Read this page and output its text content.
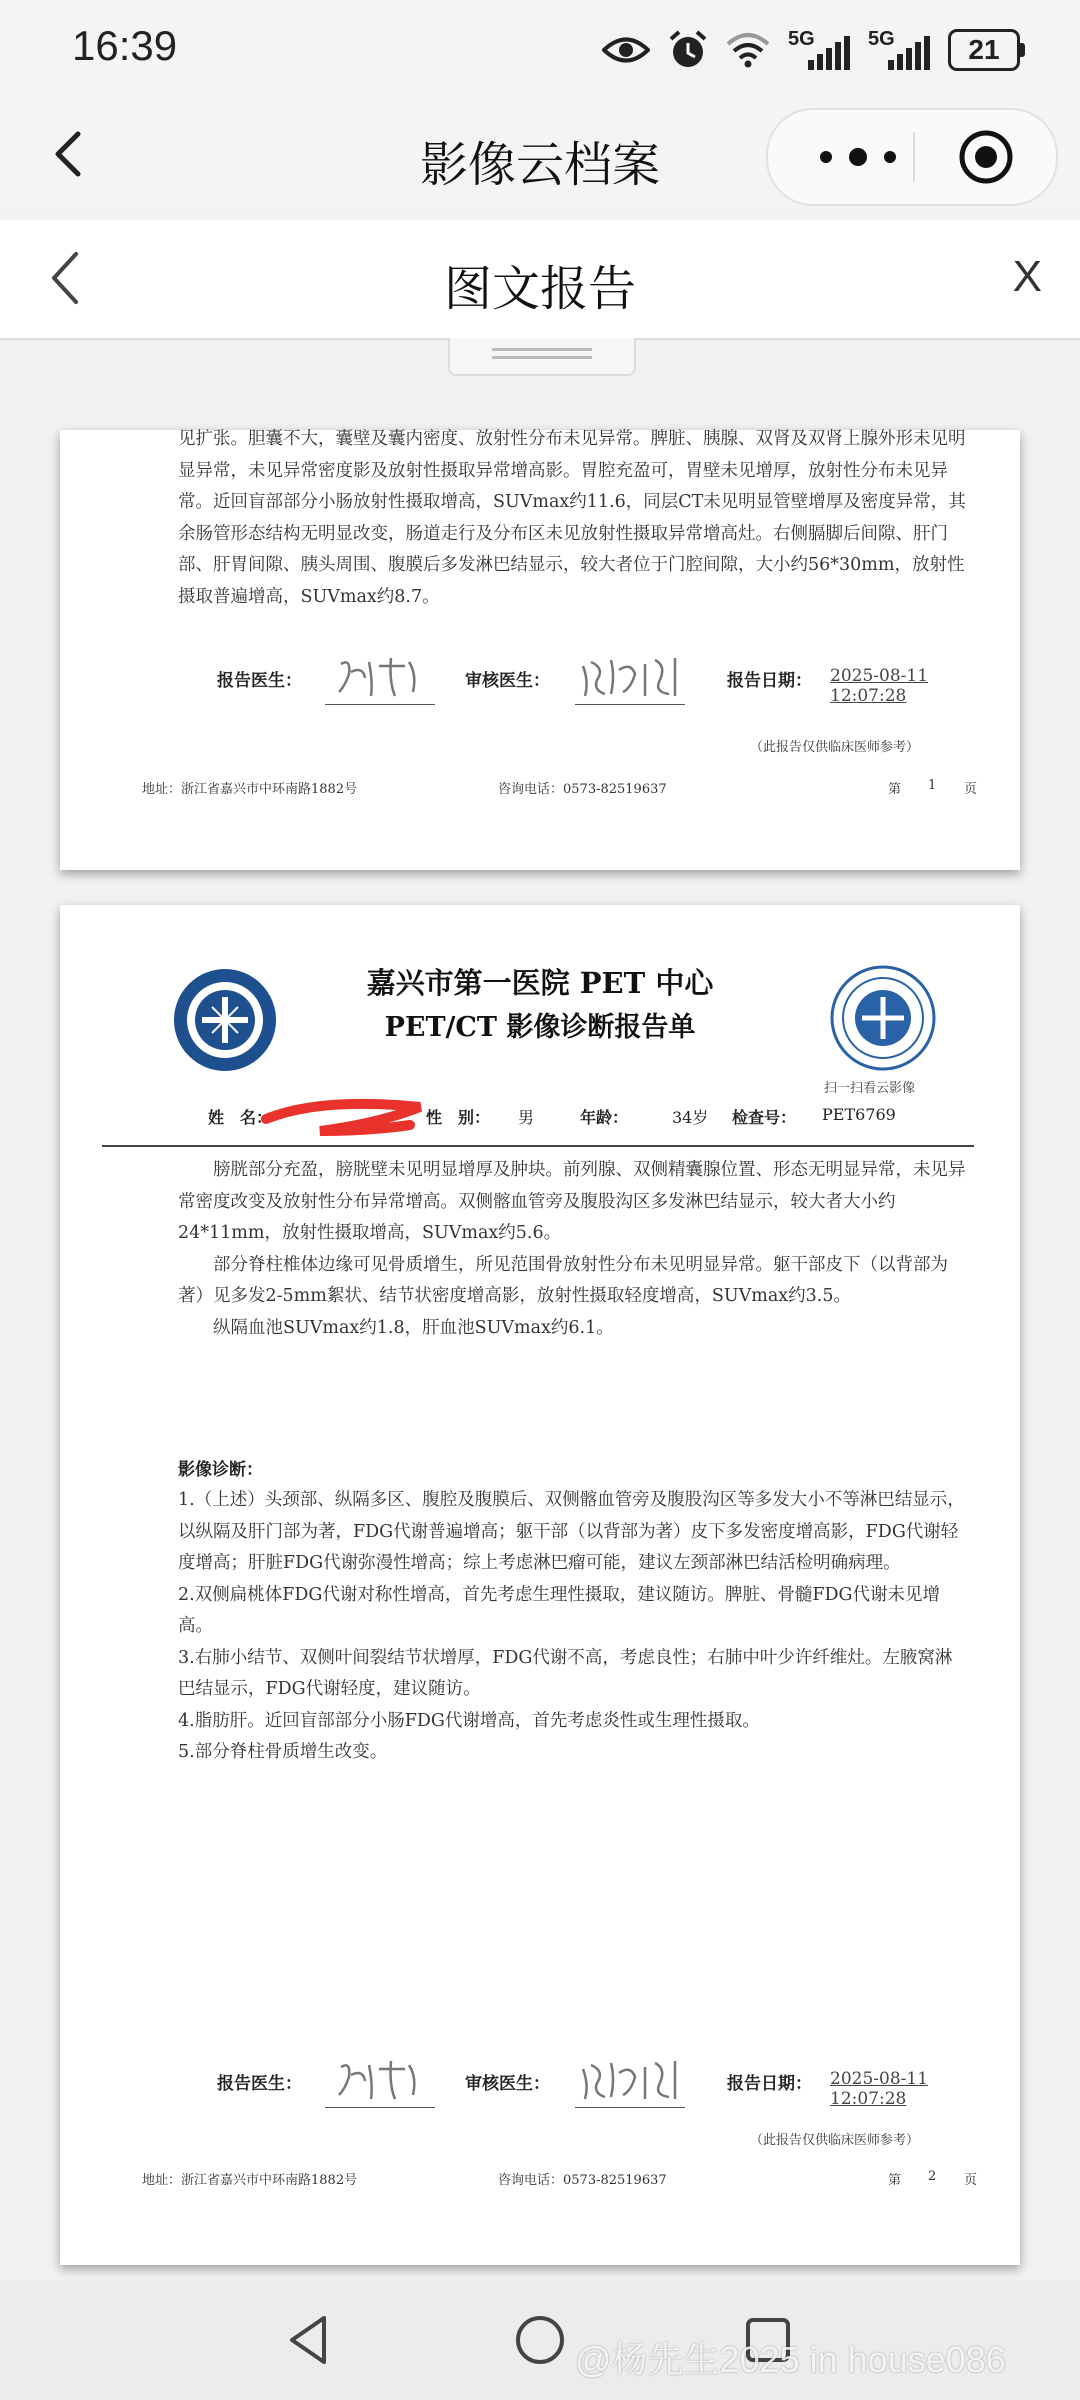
16:39	5G	5G	21
影像云档案
图文报告	X
见扩张。胆囊不大，囊壁及囊内密度、放射性分布未见异常。脾脏、胰腺、双肾及双肾上腺外形未见明显异常，未见异常密度影及放射性摄取异常增高影。胃腔充盈可，胃壁未见增厚，放射性分布未见异常。近回盲部部分小肠放射性摄取增高，SUVmax约11.6，同层CT未见明显管壁增厚及密度异常，其余肠管形态结构无明显改变，肠道走行及分布区未见放射性摄取异常增高灶。右侧膈脚后间隙、肝门部、肝胃间隙、胰头周围、腹膜后多发淋巴结显示，较大者位于门腔间隙，大小约56*30mm，放射性摄取普遍增高，SUVmax约8.7。
报告医生：	审核医生：	报告日期： 2025-08-11 12:07:28
（此报告仅供临床医师参考）
地址：浙江省嘉兴市中环南路1882号	咨询电话：0573-82519637	第 1 页
嘉兴市第一医院 PET 中心
PET/CT 影像诊断报告单
扫一扫看云影像
姓　名：	性　别： 男	年龄：	34岁 检查号： PET6769
　　膀胱部分充盈，膀胱壁未见明显增厚及肿块。前列腺、双侧精囊腺位置、形态无明显异常，未见异常密度改变及放射性分布异常增高。双侧髂血管旁及腹股沟区多发淋巴结显示，较大者大小约24*11mm，放射性摄取增高，SUVmax约5.6。
　　部分脊柱椎体边缘可见骨质增生，所见范围骨放射性分布未见明显异常。躯干部皮下（以背部为著）见多发2-5mm絮状、结节状密度增高影，放射性摄取轻度增高，SUVmax约3.5。
　　纵隔血池SUVmax约1.8，肝血池SUVmax约6.1。
影像诊断：
1.（上述）头颈部、纵隔多区、腹腔及腹膜后、双侧髂血管旁及腹股沟区等多发大小不等淋巴结显示，以纵隔及肝门部为著，FDG代谢普遍增高；躯干部（以背部为著）皮下多发密度增高影，FDG代谢轻度增高；肝脏FDG代谢弥漫性增高；综上考虑淋巴瘤可能，建议左颈部淋巴结活检明确病理。
2.双侧扁桃体FDG代谢对称性增高，首先考虑生理性摄取，建议随访。脾脏、骨髓FDG代谢未见增高。
3.右肺小结节、双侧叶间裂结节状增厚，FDG代谢不高，考虑良性；右肺中叶少许纤维灶。左腋窝淋巴结显示，FDG代谢轻度，建议随访。
4.脂肪肝。近回盲部部分小肠FDG代谢增高，首先考虑炎性或生理性摄取。
5.部分脊柱骨质增生改变。
报告医生：	审核医生：	报告日期： 2025-08-11 12:07:28
（此报告仅供临床医师参考）
地址：浙江省嘉兴市中环南路1882号	咨询电话：0573-82519637	第 2 页
@杨先生2025 in house086
